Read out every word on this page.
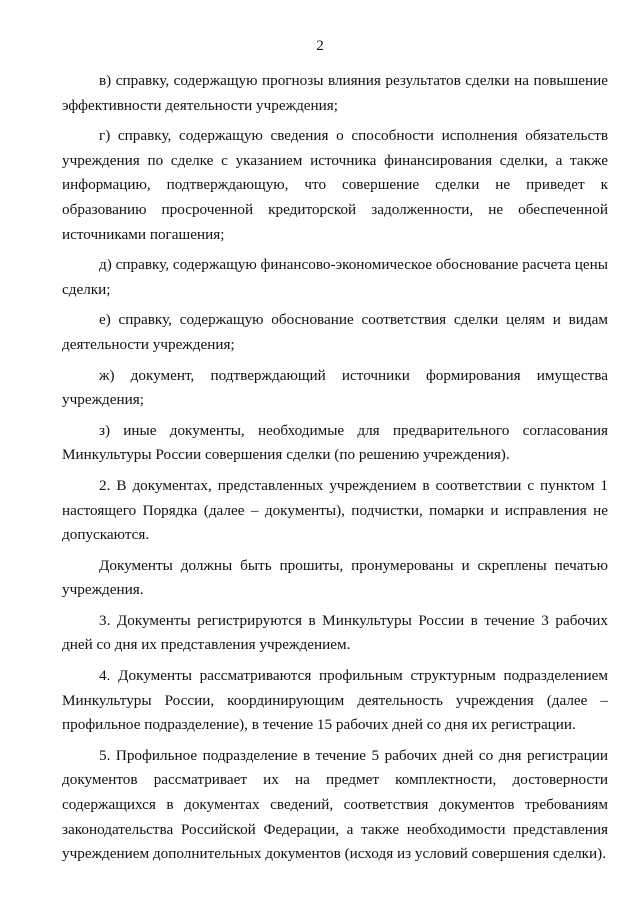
2

в) справку, содержащую прогнозы влияния результатов сделки на повышение эффективности деятельности учреждения;

г) справку, содержащую сведения о способности исполнения обязательств учреждения по сделке с указанием источника финансирования сделки, а также информацию, подтверждающую, что совершение сделки не приведет к образованию просроченной кредиторской задолженности, не обеспеченной источниками погашения;

д) справку, содержащую финансово-экономическое обоснование расчета цены сделки;

е) справку, содержащую обоснование соответствия сделки целям и видам деятельности учреждения;

ж) документ, подтверждающий источники формирования имущества учреждения;

з) иные документы, необходимые для предварительного согласования Минкультуры России совершения сделки (по решению учреждения).

2. В документах, представленных учреждением в соответствии с пунктом 1 настоящего Порядка (далее – документы), подчистки, помарки и исправления не допускаются.

Документы должны быть прошиты, пронумерованы и скреплены печатью учреждения.

3. Документы регистрируются в Минкультуры России в течение 3 рабочих дней со дня их представления учреждением.

4. Документы рассматриваются профильным структурным подразделением Минкультуры России, координирующим деятельность учреждения (далее – профильное подразделение), в течение 15 рабочих дней со дня их регистрации.

5. Профильное подразделение в течение 5 рабочих дней со дня регистрации документов рассматривает их на предмет комплектности, достоверности содержащихся в документах сведений, соответствия документов требованиям законодательства Российской Федерации, а также необходимости представления учреждением дополнительных документов (исходя из условий совершения сделки).
